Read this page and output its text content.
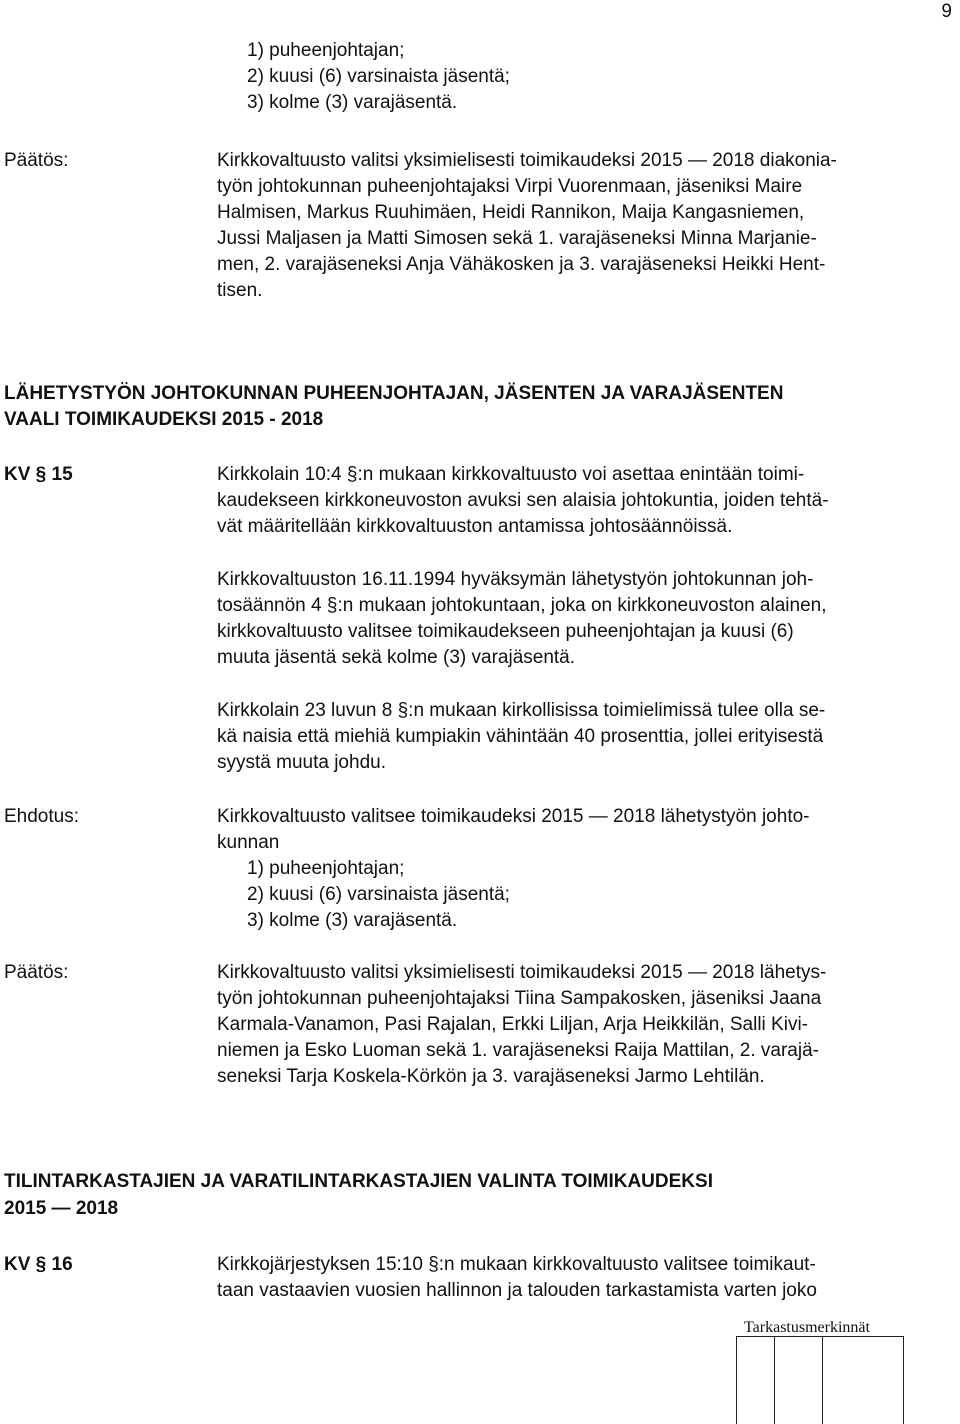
9
1) puheenjohtajan;
2) kuusi (6) varsinaista jäsentä;
3) kolme (3) varajäsentä.
Päätös:	Kirkkovaltuusto valitsi yksimielisesti toimikaudeksi 2015 — 2018 diakonia-
työn johtokunnan puheenjohtajaksi Virpi Vuorenmaan, jäseniksi Maire
Halmisen, Markus Ruuhimäen, Heidi Rannikon, Maija Kangasniemen,
Jussi Maljasen ja Matti Simosen sekä 1. varajäseneksi Minna Marjanie-
men, 2. varajäseneksi Anja Vähäkosken ja 3. varajäseneksi Heikki Hent-
tisen.
LÄHETYSTYÖN JOHTOKUNNAN PUHEENJOHTAJAN, JÄSENTEN JA VARAJÄSENTEN
VAALI TOIMIKAUDEKSI 2015 - 2018
KV § 15	Kirkkolain 10:4 §:n mukaan kirkkovaltuusto voi asettaa enintään toimi-
kaudekseen kirkkoneuvoston avuksi sen alaisia johtokuntia, joiden tehtä-
vät määritellään kirkkovaltuuston antamissa johtosäännöissä.
Kirkkovaltuuston 16.11.1994 hyväksymän lähetystyön johtokunnan joh-
tosäännön 4 §:n mukaan johtokuntaan, joka on kirkkoneuvoston alainen,
kirkkovaltuusto valitsee toimikaudekseen puheenjohtajan ja kuusi (6)
muuta jäsentä sekä kolme (3) varajäsentä.
Kirkkolain 23 luvun 8 §:n mukaan kirkollisissa toimielimissä tulee olla se-
kä naisia että miehiä kumpiakin vähintään 40 prosenttia, jollei erityisestä
syystä muuta johdu.
Ehdotus:	Kirkkovaltuusto valitsee toimikaudeksi 2015 — 2018 lähetystyön johto-
kunnan
1) puheenjohtajan;
2) kuusi (6) varsinaista jäsentä;
3) kolme (3) varajäsentä.
Päätös:	Kirkkovaltuusto valitsi yksimielisesti toimikaudeksi 2015 — 2018 lähetys-
työn johtokunnan puheenjohtajaksi Tiina Sampakosken, jäseniksi Jaana
Karmala-Vanamon, Pasi Rajalan, Erkki Liljan, Arja Heikkilän, Salli Kivi-
niemen ja Esko Luoman sekä 1. varajäseneksi Raija Mattilan, 2. varajä-
seneksi Tarja Koskela-Körkön ja 3. varajäseneksi Jarmo Lehtilän.
TILINTARKASTAJIEN JA VARATILINTARKASTAJIEN VALINTA TOIMIKAUDEKSI
2015 — 2018
KV § 16	Kirkkojärjestyksen 15:10 §:n mukaan kirkkovaltuusto valitsee toimikaut-
taan vastaavien vuosien hallinnon ja talouden tarkastamista varten joko
Tarkastusmerkinnät
